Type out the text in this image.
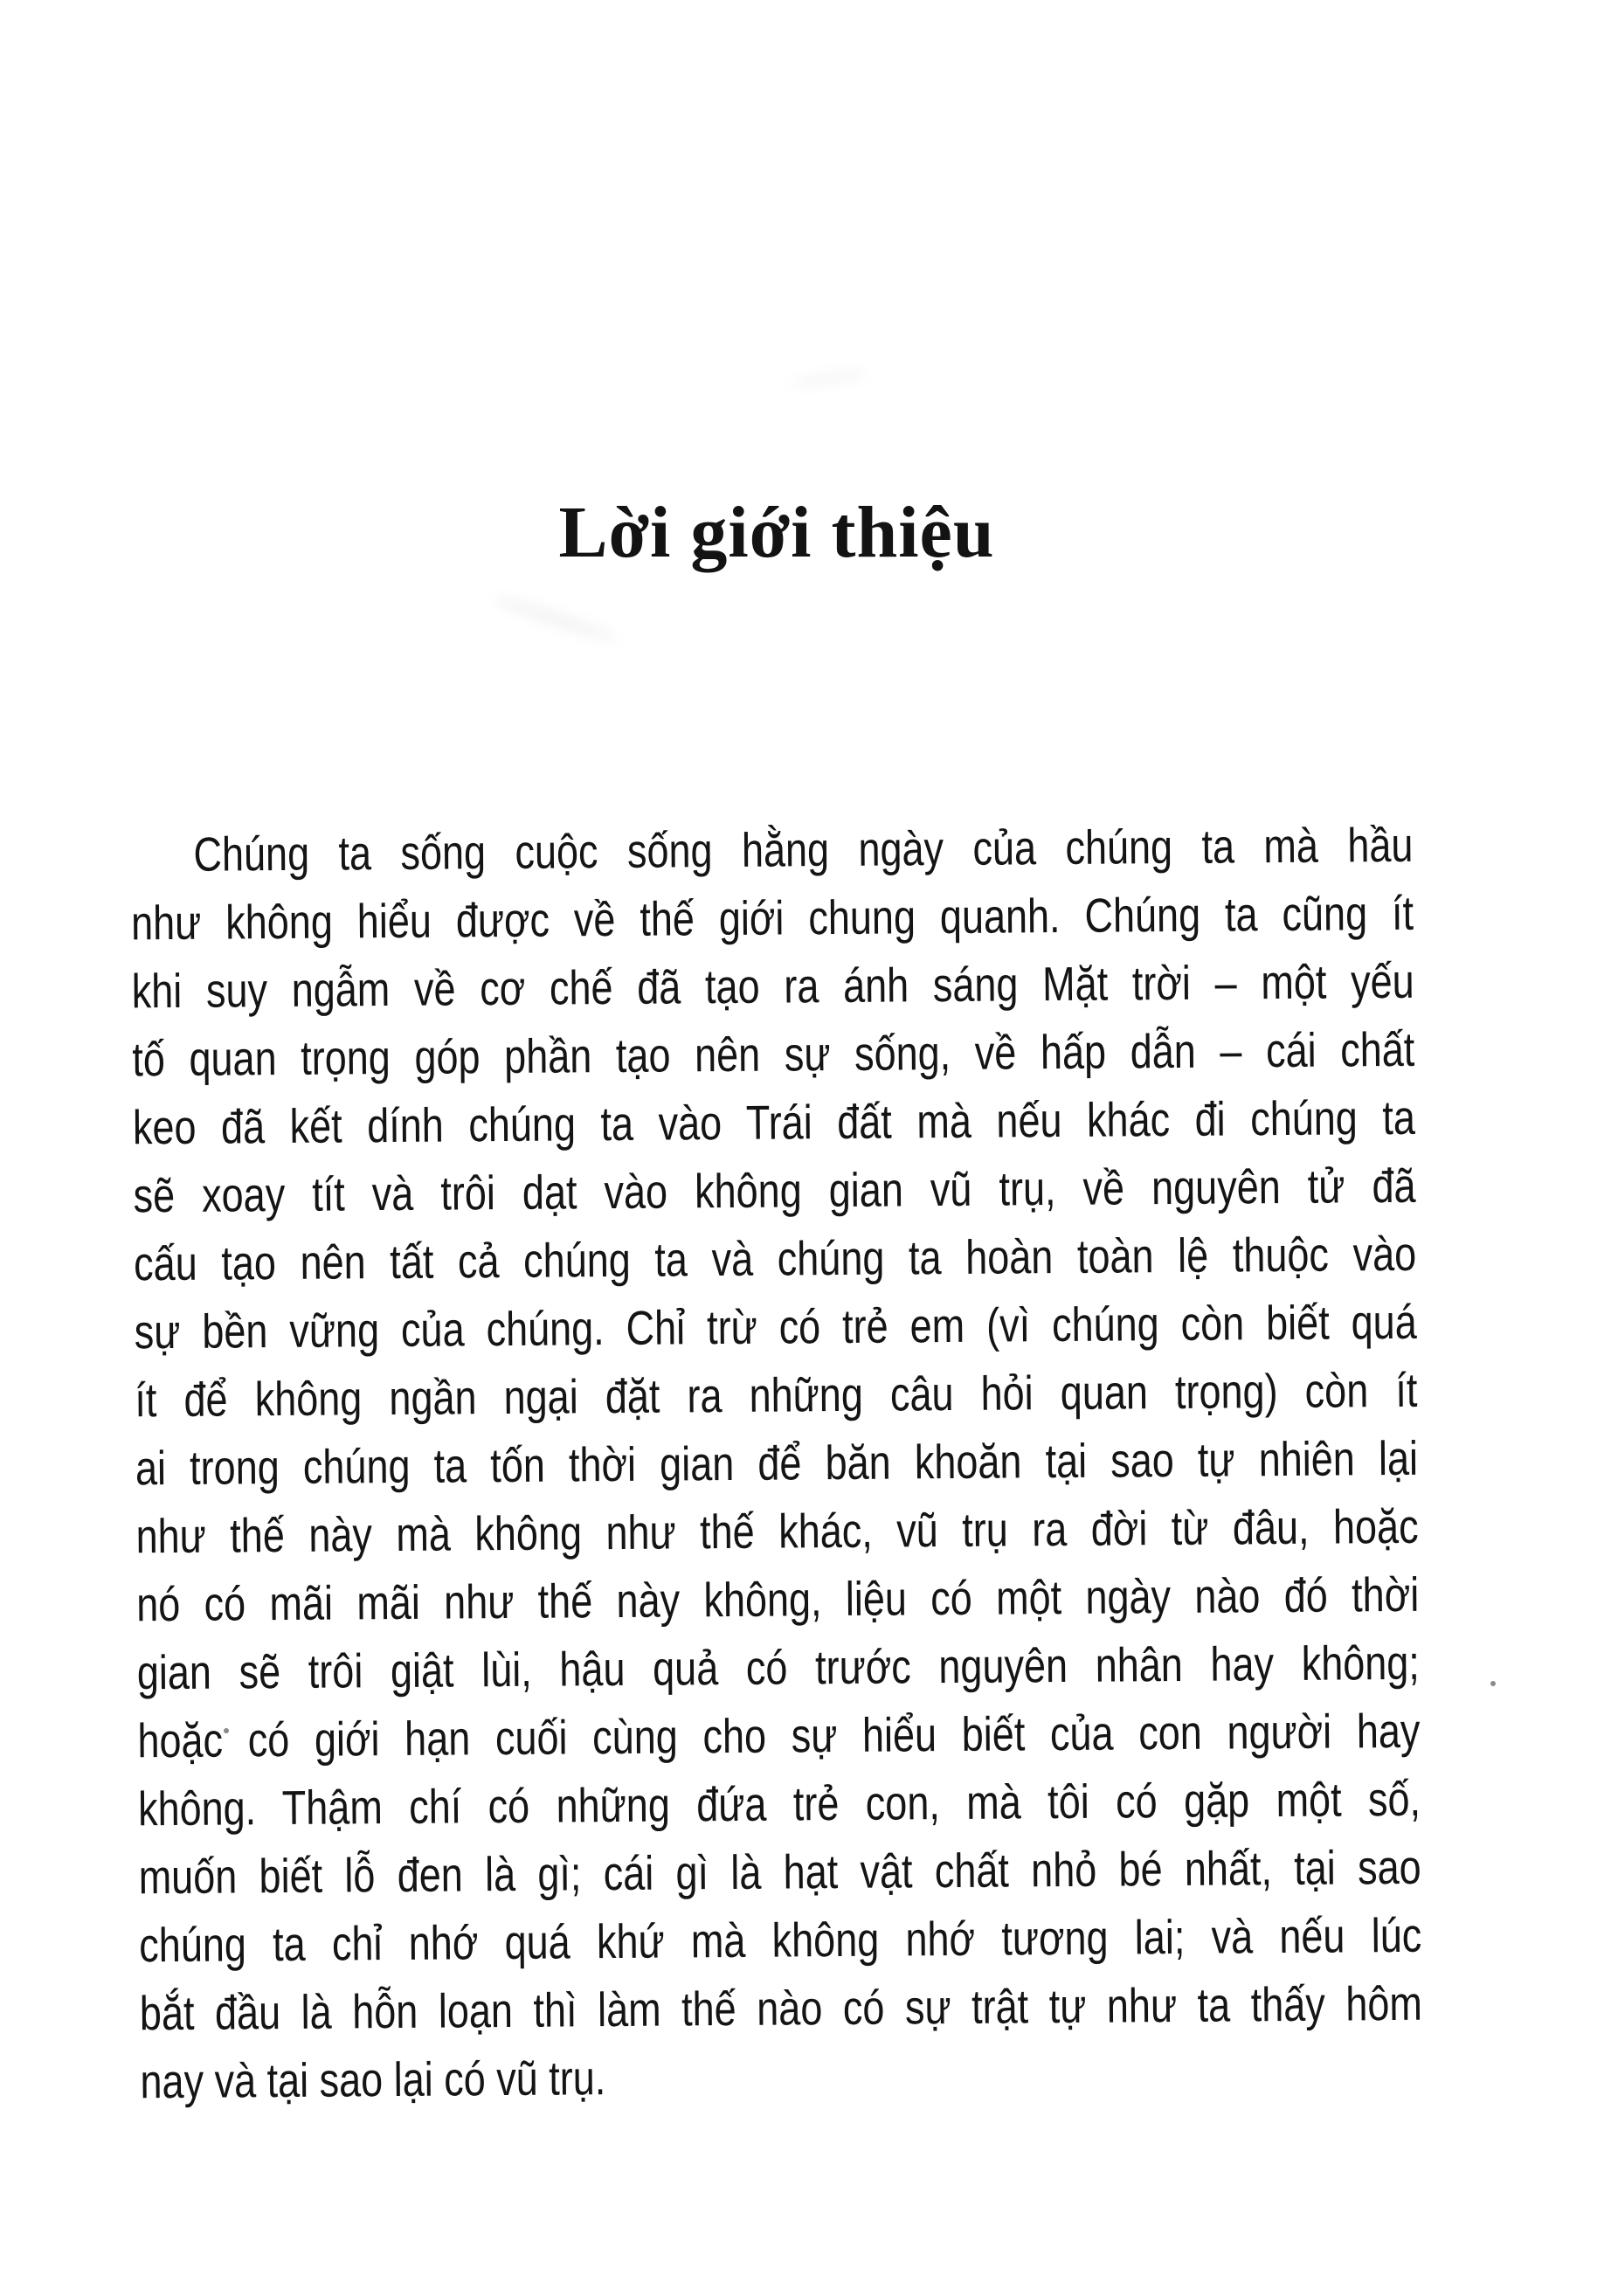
Lời giới thiệu
Chúng ta sống cuộc sống hằng ngày của chúng ta mà hầu
như không hiểu được về thế giới chung quanh. Chúng ta cũng ít
khi suy ngẫm về cơ chế đã tạo ra ánh sáng Mặt trời – một yếu
tố quan trọng góp phần tạo nên sự sống, về hấp dẫn – cái chất
keo đã kết dính chúng ta vào Trái đất mà nếu khác đi chúng ta
sẽ xoay tít và trôi dạt vào không gian vũ trụ, về nguyên tử đã
cấu tạo nên tất cả chúng ta và chúng ta hoàn toàn lệ thuộc vào
sự bền vững của chúng. Chỉ trừ có trẻ em (vì chúng còn biết quá
ít để không ngần ngại đặt ra những câu hỏi quan trọng) còn ít
ai trong chúng ta tốn thời gian để băn khoăn tại sao tự nhiên lại
như thế này mà không như thế khác, vũ trụ ra đời từ đâu, hoặc
nó có mãi mãi như thế này không, liệu có một ngày nào đó thời
gian sẽ trôi giật lùi, hậu quả có trước nguyên nhân hay không;
hoặc có giới hạn cuối cùng cho sự hiểu biết của con người hay
không. Thậm chí có những đứa trẻ con, mà tôi có gặp một số,
muốn biết lỗ đen là gì; cái gì là hạt vật chất nhỏ bé nhất, tại sao
chúng ta chỉ nhớ quá khứ mà không nhớ tương lai; và nếu lúc
bắt đầu là hỗn loạn thì làm thế nào có sự trật tự như ta thấy hôm
nay và tại sao lại có vũ trụ.
